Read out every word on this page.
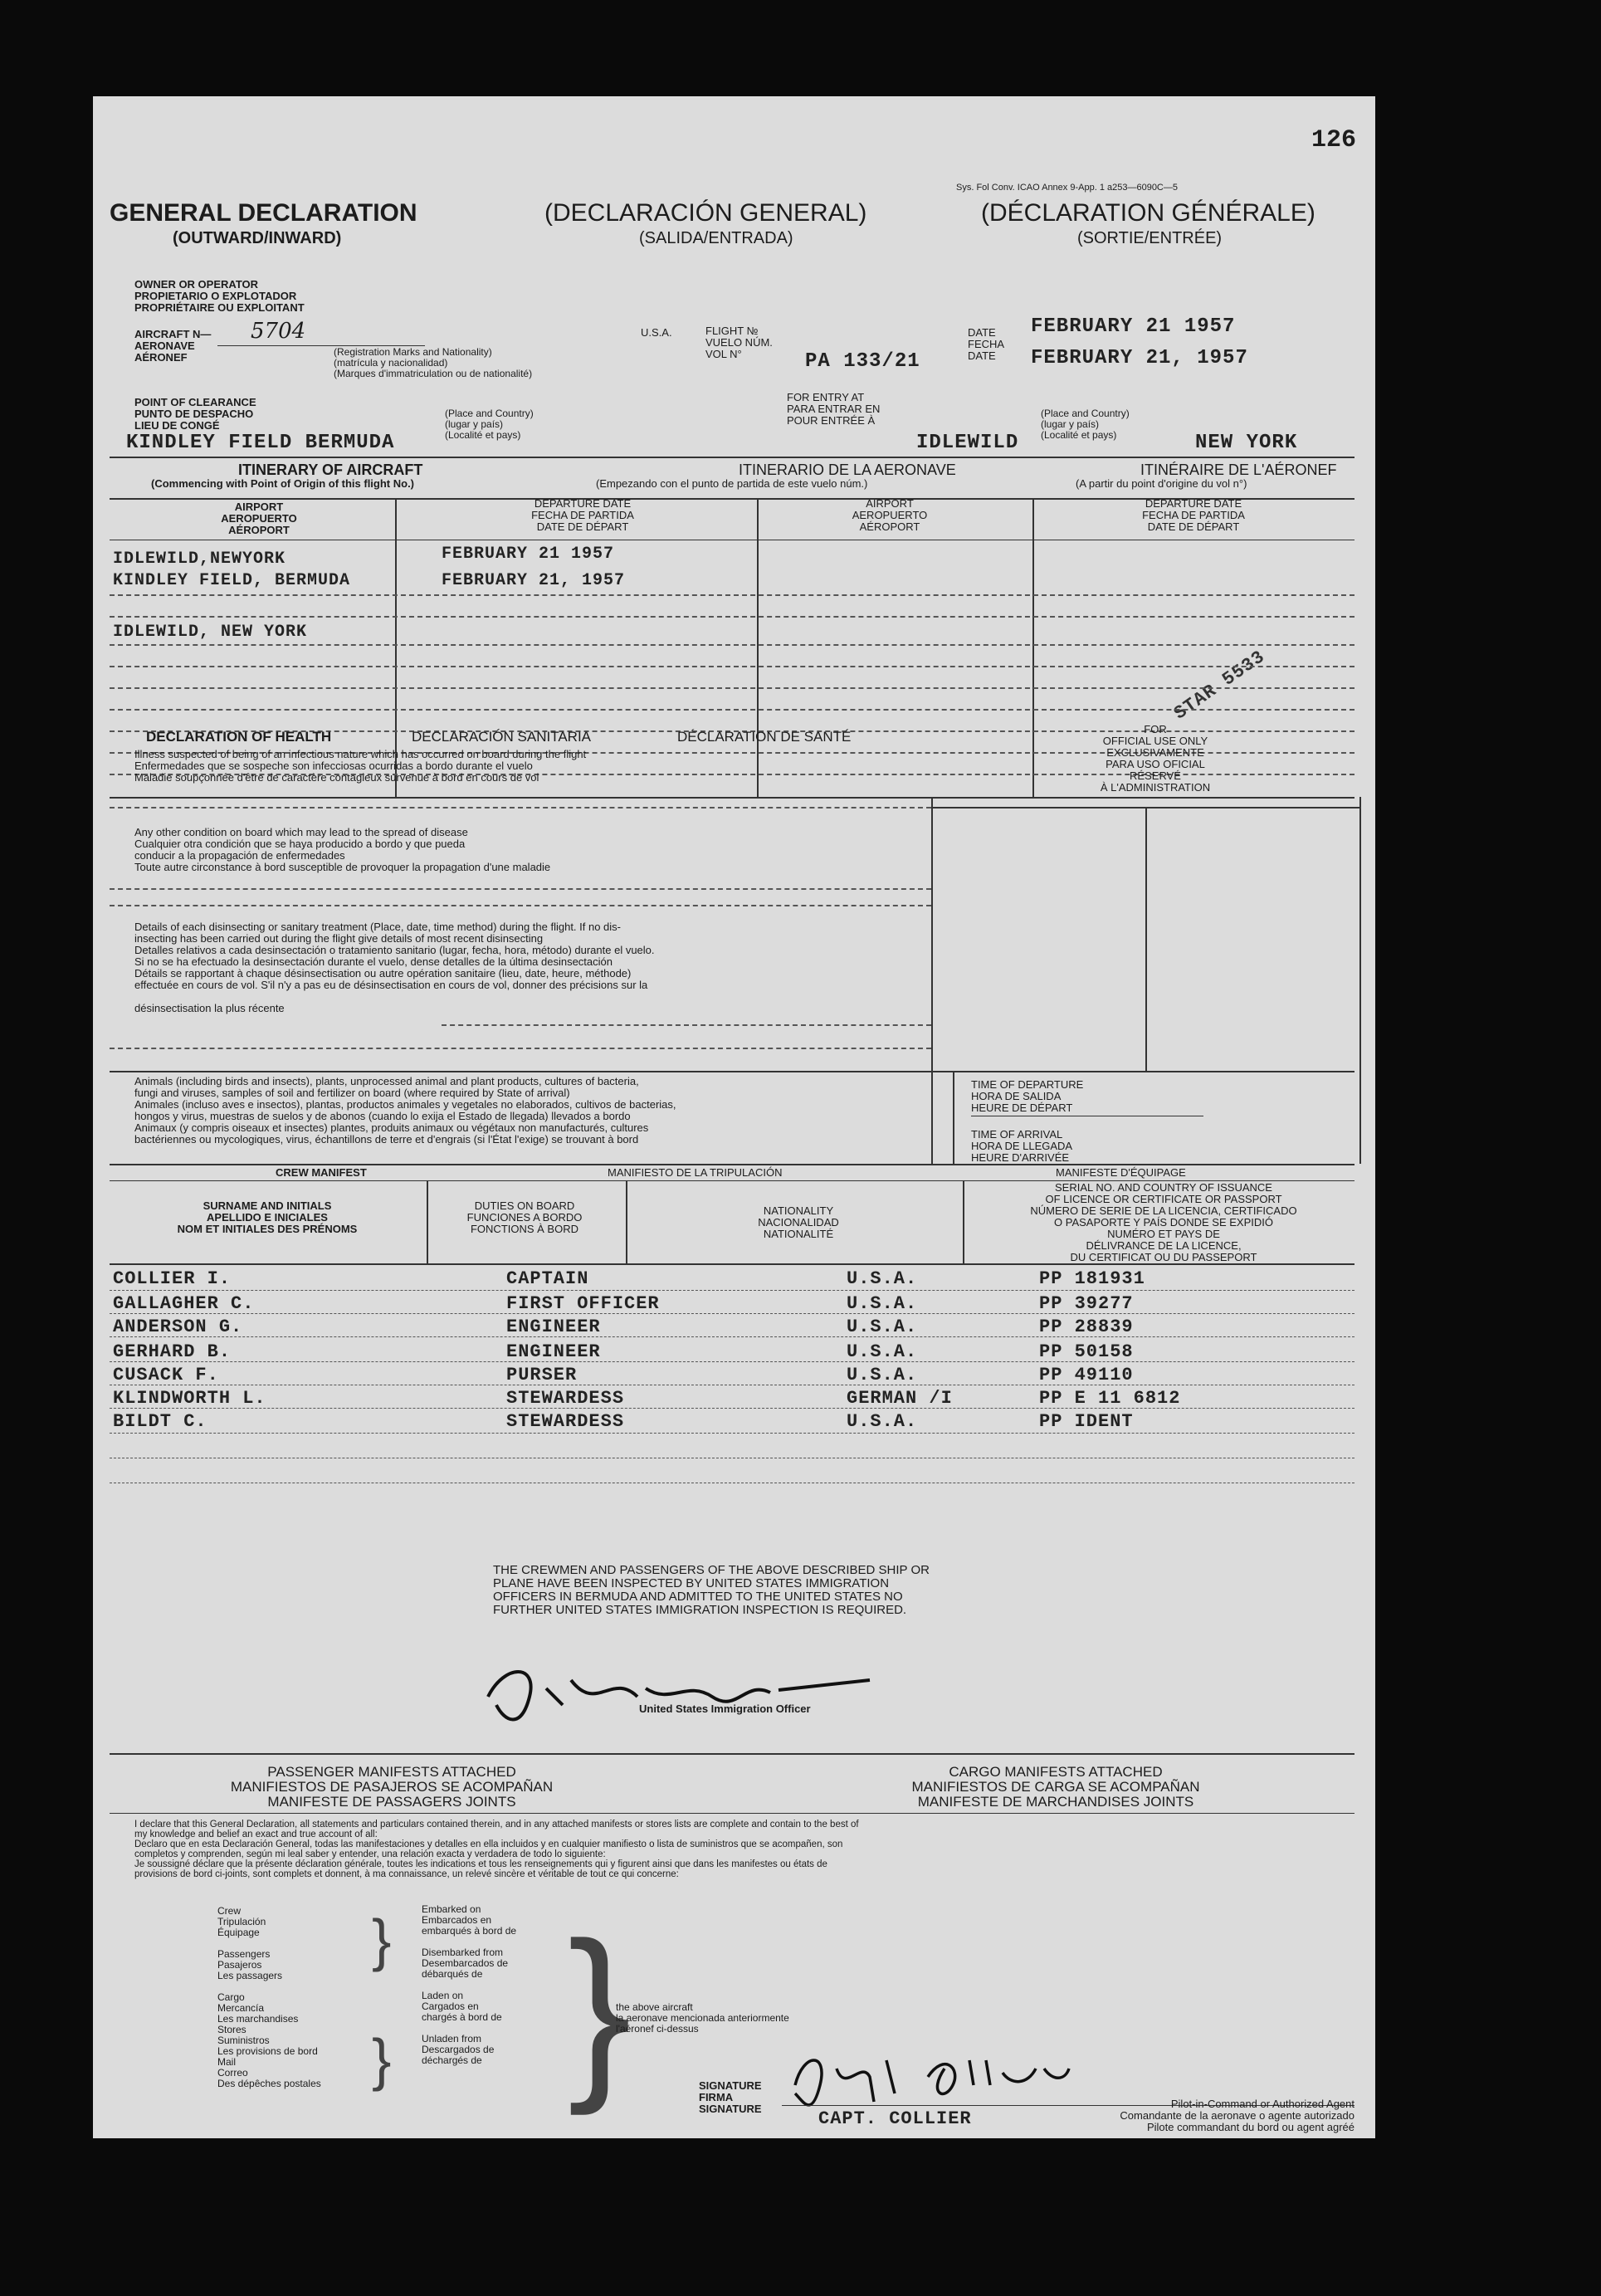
126
Sys. Fol Conv. ICAO Annex 9-App. 1 a253—6090C—5
GENERAL DECLARATION
(OUTWARD/INWARD)
(DECLARACIÓN GENERAL)
(SALIDA/ENTRADA)
(DÉCLARATION GÉNÉRALE)
(SORTIE/ENTRÉE)
OWNER OR OPERATOR
PROPIETARIO O EXPLOTADOR
PROPRIÉTAIRE OU EXPLOITANT
AIRCRAFT N—
AERONAVE
AÉRONEF
5704
(Registration Marks and Nationality)
(matrícula y nacionalidad)
(Marques d'immatriculation ou de nationalité)
U.S.A.	FLIGHT №
VUELO NÚM.
VOL N°	PA 133/21
DATE
FECHA
DATE
FEBRUARY 21 1957
FEBRUARY 21, 1957
POINT OF CLEARANCE
PUNTO DE DESPACHO
LIEU DE CONGÉ
KINDLEY FIELD BERMUDA
(Place and Country)
(lugar y país)
(Localité et pays)
FOR ENTRY AT
PARA ENTRAR EN
POUR ENTRÉE À
IDLEWILD
(Place and Country)
(lugar y país)
(Localité et pays)	NEW YORK
ITINERARY OF AIRCRAFT
(Commencing with Point of Origin of this flight No.)
ITINERARIO DE LA AERONAVE
(Empezando con el punto de partida de este vuelo núm.)
ITINÉRAIRE DE L'AÉRONEF
(A partir du point d'origine du vol n°)
AIRPORT
AEROPUERTO
AÉROPORT
DEPARTURE DATE
FECHA DE PARTIDA
DATE DE DÉPART
AIRPORT
AEROPUERTO
AÉROPORT
DEPARTURE DATE
FECHA DE PARTIDA
DATE DE DÉPART
IDLEWILD,NEWYORK	FEBRUARY 21 1957
KINDLEY FIELD, BERMUDA	FEBRUARY 21, 1957
IDLEWILD, NEW YORK
STAR 5533
DECLARATION OF HEALTH	DECLARACIÓN SANITARIA	DÉCLARATION DE SANTÉ
Illness suspected of being of an infectious nature which has occurred on board during the flight
Enfermedades que se sospeche son infecciosas ocurridas a bordo durante el vuelo
Maladie soupçonnée d'être de caractère contagieux survenue à bord en cours de vol
Any other condition on board which may lead to the spread of disease
Cualquier otra condición que se haya producido a bordo y que pueda
conducir a la propagación de enfermedades
Toute autre circonstance à bord susceptible de provoquer la propagation d'une maladie
Details of each disinsecting or sanitary treatment (Place, date, time method) during the flight. If no dis-
insecting has been carried out during the flight give details of most recent disinsecting
Detalles relativos a cada desinsectación o tratamiento sanitario (lugar, fecha, hora, método) durante el vuelo.
Si no se ha efectuado la desinsectación durante el vuelo, dense detalles de la última desinsectación
Détails se rapportant à chaque désinsectisation ou autre opération sanitaire (lieu, date, heure, méthode)
effectuée en cours de vol. S'il n'y a pas eu de désinsectisation en cours de vol, donner des précisions sur la

désinsectisation la plus récente
FOR
OFFICIAL USE ONLY
EXCLUSIVAMENTE
PARA USO OFICIAL
RÉSERVÉ
À L'ADMINISTRATION
Animals (including birds and insects), plants, unprocessed animal and plant products, cultures of bacteria,
fungi and viruses, samples of soil and fertilizer on board (where required by State of arrival)
Animales (incluso aves e insectos), plantas, productos animales y vegetales no elaborados, cultivos de bacterias,
hongos y virus, muestras de suelos y de abonos (cuando lo exija el Estado de llegada) llevados a bordo
Animaux (y compris oiseaux et insectes) plantes, produits animaux ou végétaux non manufacturés, cultures
bactériennes ou mycologiques, virus, échantillons de terre et d'engrais (si l'État l'exige) se trouvant à bord
TIME OF DEPARTURE
HORA DE SALIDA
HEURE DE DÉPART
TIME OF ARRIVAL
HORA DE LLEGADA
HEURE D'ARRIVÉE
CREW MANIFEST	MANIFIESTO DE LA TRIPULACIÓN	MANIFESTE D'ÉQUIPAGE
SURNAME AND INITIALS
APELLIDO E INICIALES
NOM ET INITIALES DES PRÉNOMS
DUTIES ON BOARD
FUNCIONES A BORDO
FONCTIONS À BORD
NATIONALITY
NACIONALIDAD
NATIONALITÉ
SERIAL NO. AND COUNTRY OF ISSUANCE
OF LICENCE OR CERTIFICATE OR PASSPORT
NÚMERO DE SERIE DE LA LICENCIA, CERTIFICADO
O PASAPORTE Y PAÍS DONDE SE EXPIDIÓ
NUMÉRO ET PAYS DE
DÉLIVRANCE DE LA LICENCE,
DU CERTIFICAT OU DU PASSEPORT
COLLIER I.	CAPTAIN	U.S.A.	PP 181931
GALLAGHER C.	FIRST OFFICER	U.S.A.	PP 39277
ANDERSON G.	ENGINEER	U.S.A.	PP 28839
GERHARD B.	ENGINEER	U.S.A.	PP 50158
CUSACK F.	PURSER	U.S.A.	PP 49110
KLINDWORTH L.	STEWARDESS	GERMAN /I	PP E 11 6812
BILDT C.	STEWARDESS	U.S.A.	PP IDENT
THE CREWMEN AND PASSENGERS OF THE ABOVE DESCRIBED SHIP OR
PLANE HAVE BEEN INSPECTED BY UNITED STATES IMMIGRATION
OFFICERS IN BERMUDA AND ADMITTED TO THE UNITED STATES NO
FURTHER UNITED STATES IMMIGRATION INSPECTION IS REQUIRED.
United States Immigration Officer
PASSENGER MANIFESTS ATTACHED
MANIFIESTOS DE PASAJEROS SE ACOMPAÑAN
MANIFESTE DE PASSAGERS JOINTS
CARGO MANIFESTS ATTACHED
MANIFIESTOS DE CARGA SE ACOMPAÑAN
MANIFESTE DE MARCHANDISES JOINTS
I declare that this General Declaration, all statements and particulars contained therein, and in any attached manifests or stores lists are complete and contain to the best of
my knowledge and belief an exact and true account of all:
Declaro que en esta Declaración General, todas las manifestaciones y detalles en ella incluidos y en cualquier manifiesto o lista de suministros que se acompañen, son
completos y comprenden, según mi leal saber y entender, una relación exacta y verdadera de todo lo siguiente:
Je soussigné déclare que la présente déclaration générale, toutes les indications et tous les renseignements qui y figurent ainsi que dans les manifestes ou états de
provisions de bord ci-joints, sont complets et donnent, à ma connaissance, un relevé sincère et véritable de tout ce qui concerne:
Crew
Tripulación
Équipage

Passengers
Pasajeros
Les passagers

Cargo
Mercancía
Les marchandises
Stores
Suministros
Les provisions de bord
Mail
Correo
Des dépêches postales
}
}
Embarked on
Embarcados en
embarqués à bord de

Disembarked from
Desembarcados de
débarqués de

Laden on
Cargados en
chargés à bord de

Unladen from
Descargados de
déchargés de }
the above aircraft
la aeronave mencionada anteriormente
l'aéronef ci-dessus
SIGNATURE
FIRMA
SIGNATURE	CAPT. COLLIER
Pilot-in-Command or Authorized Agent
Comandante de la aeronave o agente autorizado
Pilote commandant du bord ou agent agréé
